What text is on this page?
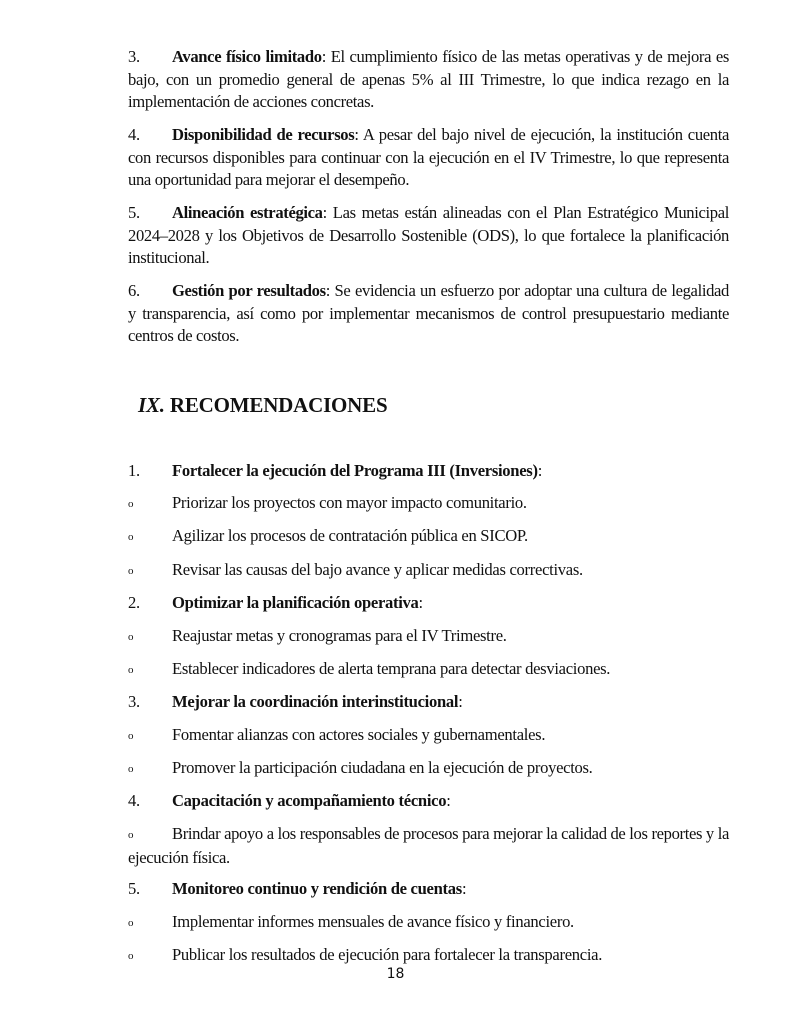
3. Avance físico limitado: El cumplimiento físico de las metas operativas y de mejora es bajo, con un promedio general de apenas 5% al III Trimestre, lo que indica rezago en la implementación de acciones concretas.

4. Disponibilidad de recursos: A pesar del bajo nivel de ejecución, la institución cuenta con recursos disponibles para continuar con la ejecución en el IV Trimestre, lo que representa una oportunidad para mejorar el desempeño.

5. Alineación estratégica: Las metas están alineadas con el Plan Estratégico Municipal 2024–2028 y los Objetivos de Desarrollo Sostenible (ODS), lo que fortalece la planificación institucional.

6. Gestión por resultados: Se evidencia un esfuerzo por adoptar una cultura de legalidad y transparencia, así como por implementar mecanismos de control presupuestario mediante centros de costos.

IX. RECOMENDACIONES
1. Fortalecer la ejecución del Programa III (Inversiones):
o Priorizar los proyectos con mayor impacto comunitario.
o Agilizar los procesos de contratación pública en SICOP.
o Revisar las causas del bajo avance y aplicar medidas correctivas.
2. Optimizar la planificación operativa:
o Reajustar metas y cronogramas para el IV Trimestre.
o Establecer indicadores de alerta temprana para detectar desviaciones.
3. Mejorar la coordinación interinstitucional:
o Fomentar alianzas con actores sociales y gubernamentales.
o Promover la participación ciudadana en la ejecución de proyectos.
4. Capacitación y acompañamiento técnico:

o Brindar apoyo a los responsables de procesos para mejorar la calidad de los reportes y la ejecución física.

5. Monitoreo continuo y rendición de cuentas:
o Implementar informes mensuales de avance físico y financiero.
o Publicar los resultados de ejecución para fortalecer la transparencia.
18
